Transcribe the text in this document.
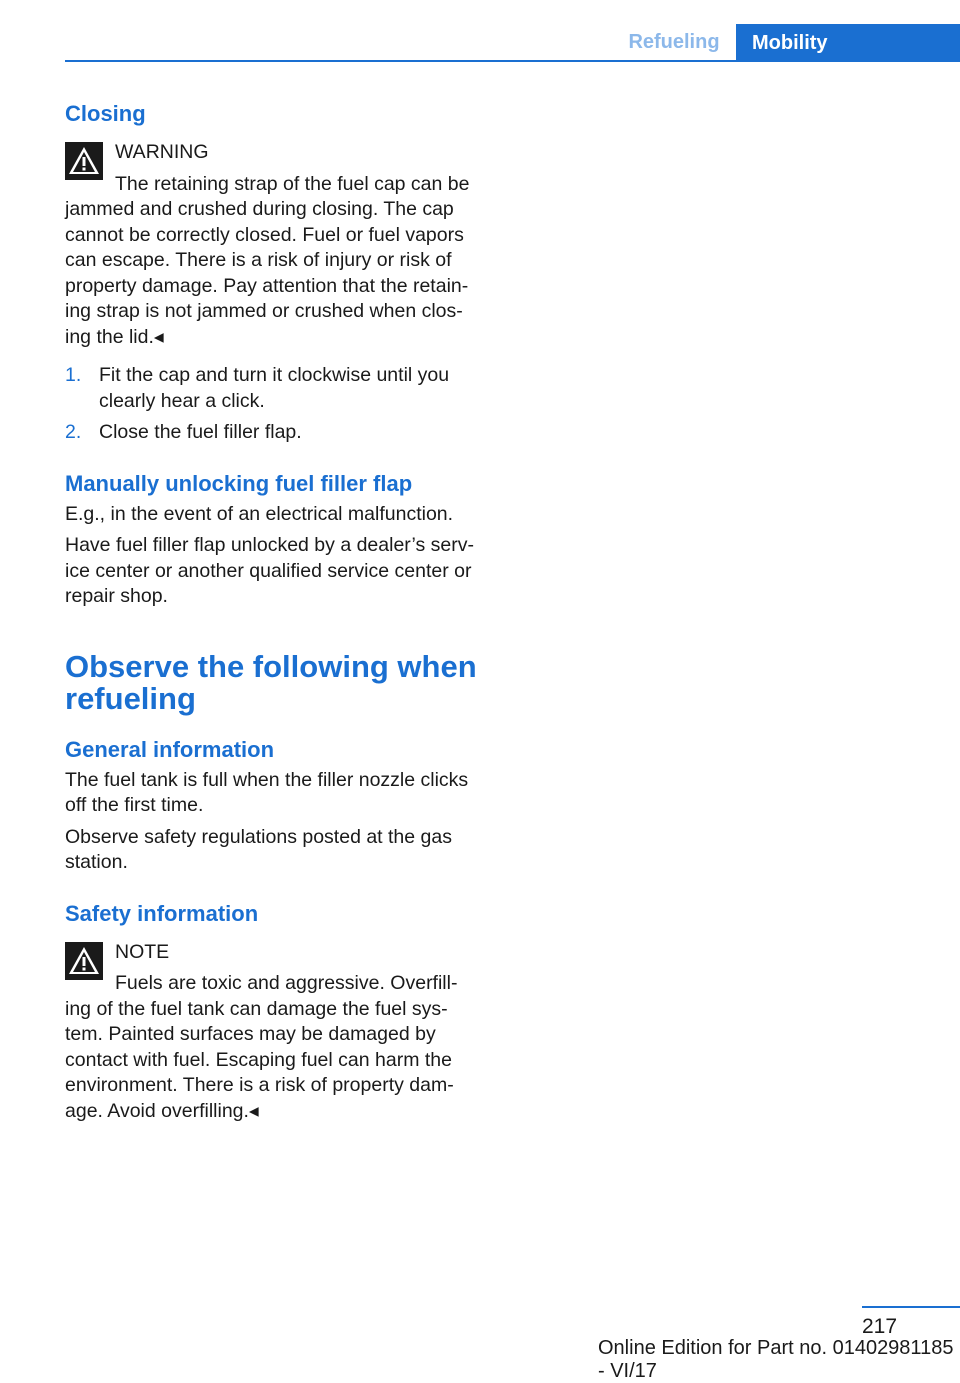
Refueling	Mobility
Closing
WARNING
The retaining strap of the fuel cap can be
jammed and crushed during closing. The cap cannot be correctly closed. Fuel or fuel vapors can escape. There is a risk of injury or risk of property damage. Pay attention that the retain-ing strap is not jammed or crushed when clos-ing the lid.◂
1. Fit the cap and turn it clockwise until you clearly hear a click.
2. Close the fuel filler flap.
Manually unlocking fuel filler flap

E.g., in the event of an electrical malfunction.

Have fuel filler flap unlocked by a dealer’s serv-ice center or another qualified service center or repair shop.

Observe the following when refueling
General information

The fuel tank is full when the filler nozzle clicks off the first time.

Observe safety regulations posted at the gas station.

Safety information
NOTE
Fuels are toxic and aggressive. Overfill-
ing of the fuel tank can damage the fuel sys-tem. Painted surfaces may be damaged by contact with fuel. Escaping fuel can harm the environment. There is a risk of property dam-age. Avoid overfilling.◂
217
Online Edition for Part no. 01402981185 - VI/17
